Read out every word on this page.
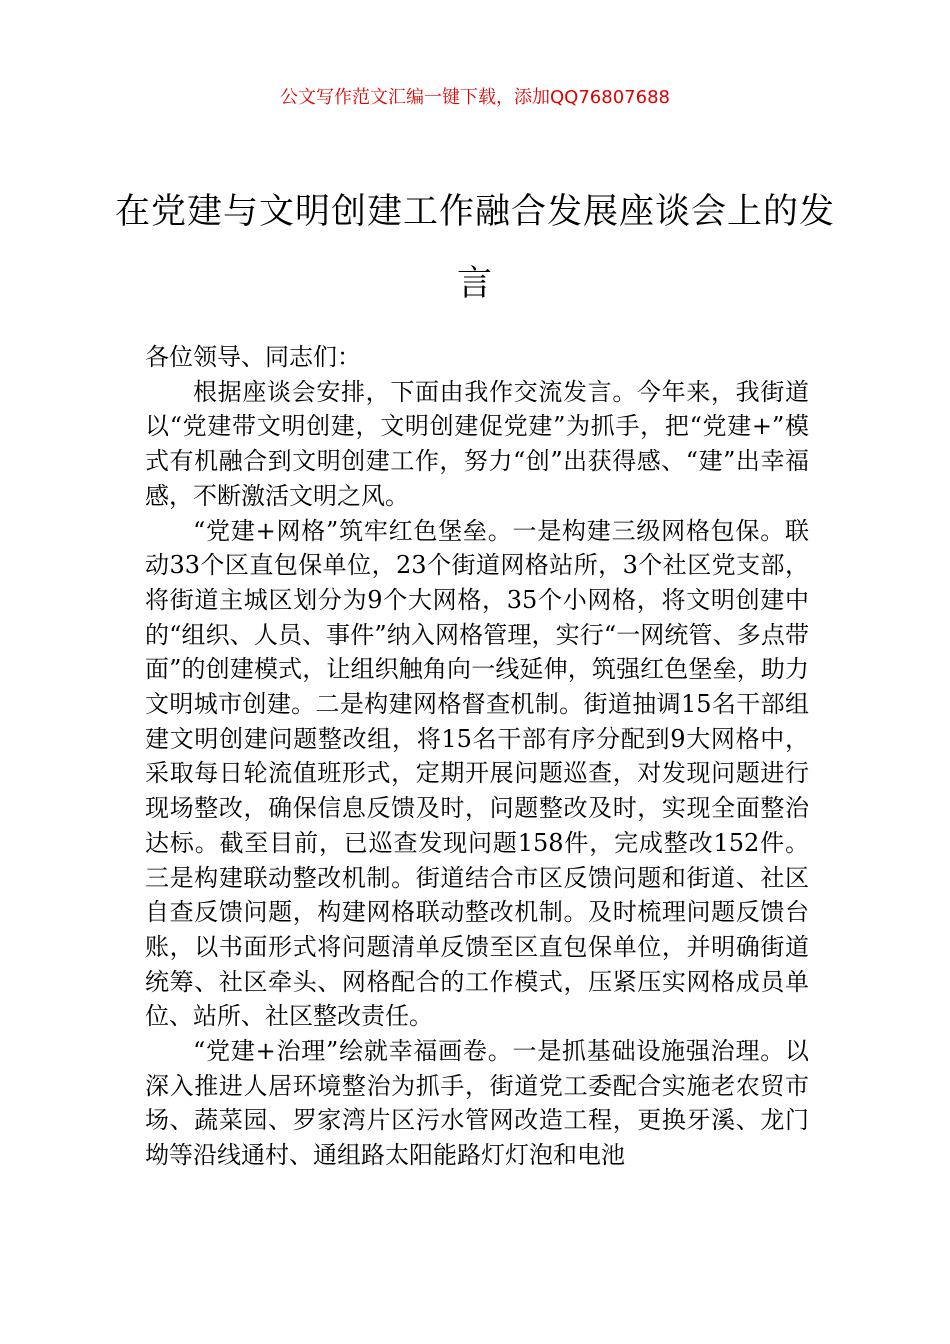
公文写作范文汇编一键下载，添加QQ76807688
在党建与文明创建工作融合发展座谈会上的发言

各位领导、同志们：

根据座谈会安排，下面由我作交流发言。今年来，我街道以“党建带文明创建，文明创建促党建”为抓手，把“党建+”模式有机融合到文明创建工作，努力“创”出获得感、“建”出幸福感，不断激活文明之风。

“党建+网格”筑牢红色堡垒。一是构建三级网格包保。联动33个区直包保单位，23个街道网格站所，3个社区党支部，将街道主城区划分为9个大网格，35个小网格，将文明创建中的“组织、人员、事件”纳入网格管理，实行“一网统管、多点带面”的创建模式，让组织触角向一线延伸，筑强红色堡垒，助力文明城市创建。二是构建网格督查机制。街道抽调15名干部组建文明创建问题整改组，将15名干部有序分配到9大网格中，采取每日轮流值班形式，定期开展问题巡查，对发现问题进行现场整改，确保信息反馈及时，问题整改及时，实现全面整治达标。截至目前，已巡查发现问题158件，完成整改152件。三是构建联动整改机制。街道结合市区反馈问题和街道、社区自查反馈问题，构建网格联动整改机制。及时梳理问题反馈台账，以书面形式将问题清单反馈至区直包保单位，并明确街道统筹、社区牵头、网格配合的工作模式，压紧压实网格成员单位、站所、社区整改责任。

“党建+治理”绘就幸福画卷。一是抓基础设施强治理。以深入推进人居环境整治为抓手，街道党工委配合实施老农贸市场、蔬菜园、罗家湾片区污水管网改造工程，更换牙溪、龙门坳等沿线通村、通组路太阳能路灯灯泡和电池
